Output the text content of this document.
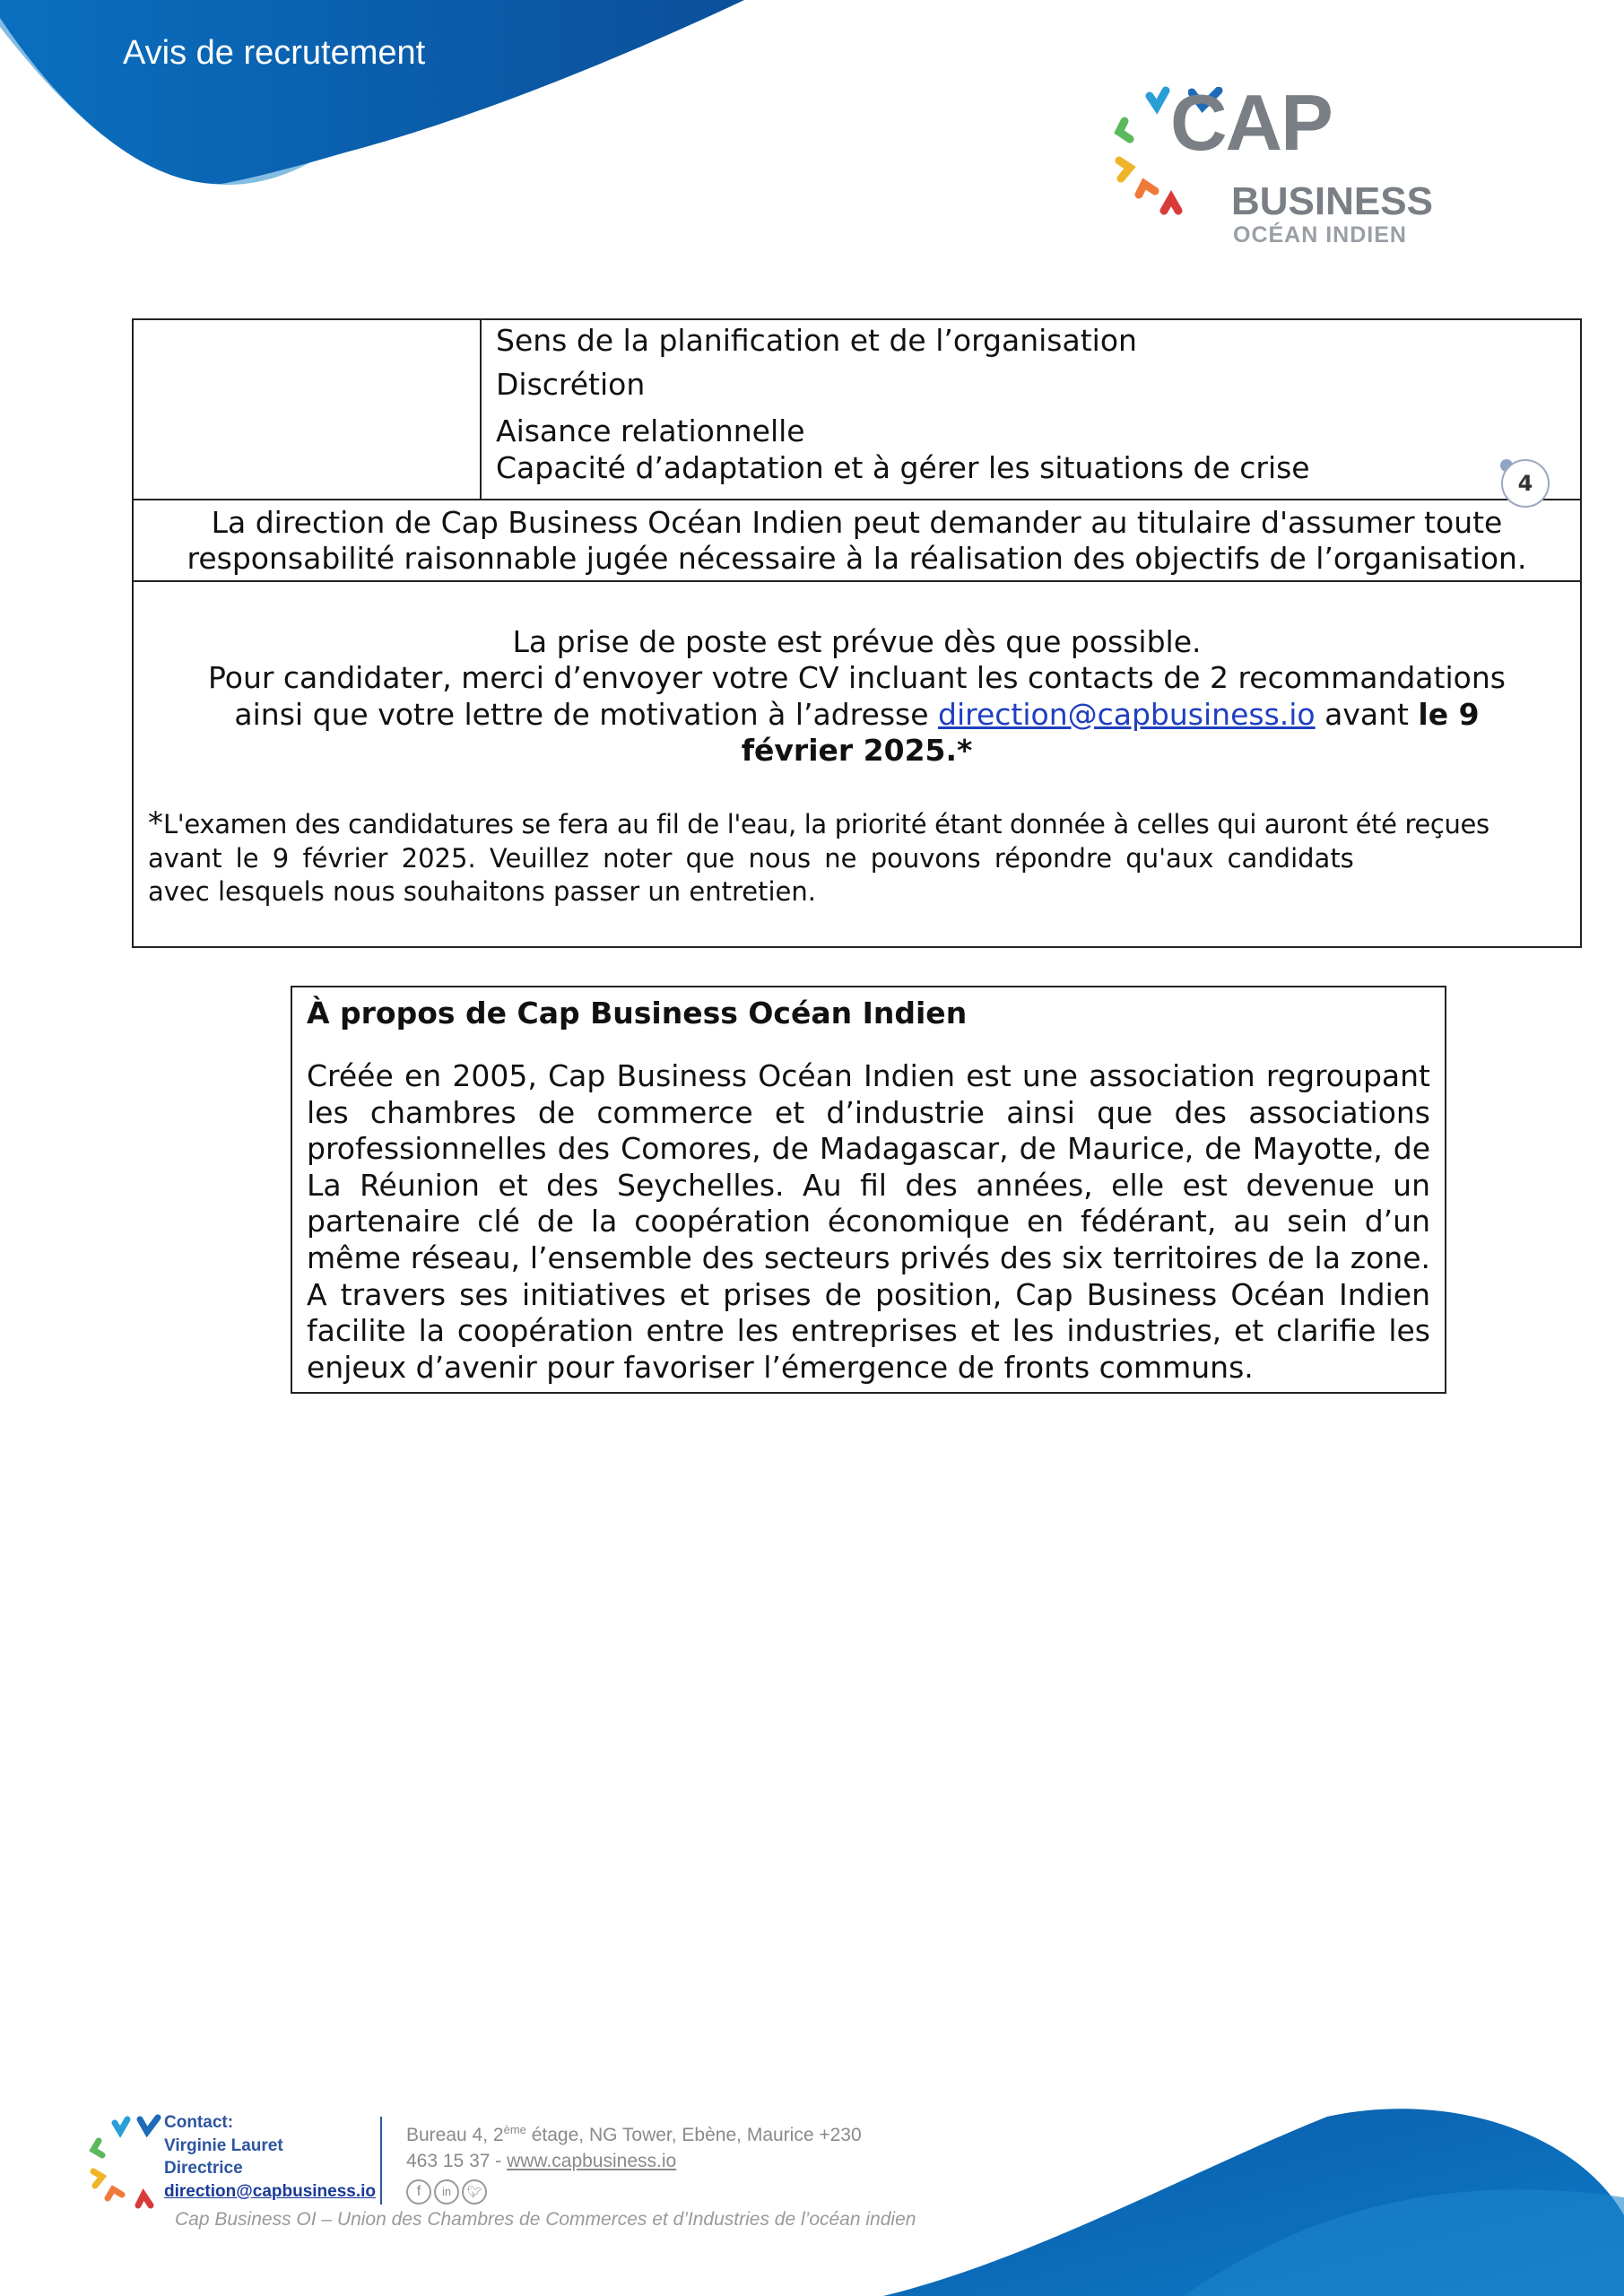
Avis de recrutement
CAP
BUSINESS
OCÉAN INDIEN
Sens de la planification et de l’organisation
Discrétion
Aisance relationnelle
Capacité d’adaptation et à gérer les situations de crise	4
La direction de Cap Business Océan Indien peut demander au titulaire d'assumer toute
responsabilité raisonnable jugée nécessaire à la réalisation des objectifs de l’organisation.
La prise de poste est prévue dès que possible.
Pour candidater, merci d’envoyer votre CV incluant les contacts de 2 recommandations
ainsi que votre lettre de motivation à l’adresse direction@capbusiness.io avant le 9
février 2025.*
*L'examen des candidatures se fera au fil de l'eau, la priorité étant donnée à celles qui auront été reçues
avant le 9 février 2025. Veuillez noter que nous ne pouvons répondre qu'aux candidats
avec lesquels nous souhaitons passer un entretien.
À propos de Cap Business Océan Indien

Créée en 2005, Cap Business Océan Indien est une association regroupant les chambres de commerce et d’industrie ainsi que des associations professionnelles des Comores, de Madagascar, de Maurice, de Mayotte, de La Réunion et des Seychelles. Au fil des années, elle est devenue un partenaire clé de la coopération économique en fédérant, au sein d’un même réseau, l’ensemble des secteurs privés des six territoires de la zone. A travers ses initiatives et prises de position, Cap Business Océan Indien facilite la coopération entre les entreprises et les industries, et clarifie les enjeux d’avenir pour favoriser l’émergence de fronts communs.

Contact:
Virginie Lauret
Directrice
direction@capbusiness.io
Bureau 4, 2ème étage, NG Tower, Ebène, Maurice +230
463 15 37 - www.capbusiness.io
f in 🐦︎
Cap Business OI – Union des Chambres de Commerces et d’Industries de l’océan indien
